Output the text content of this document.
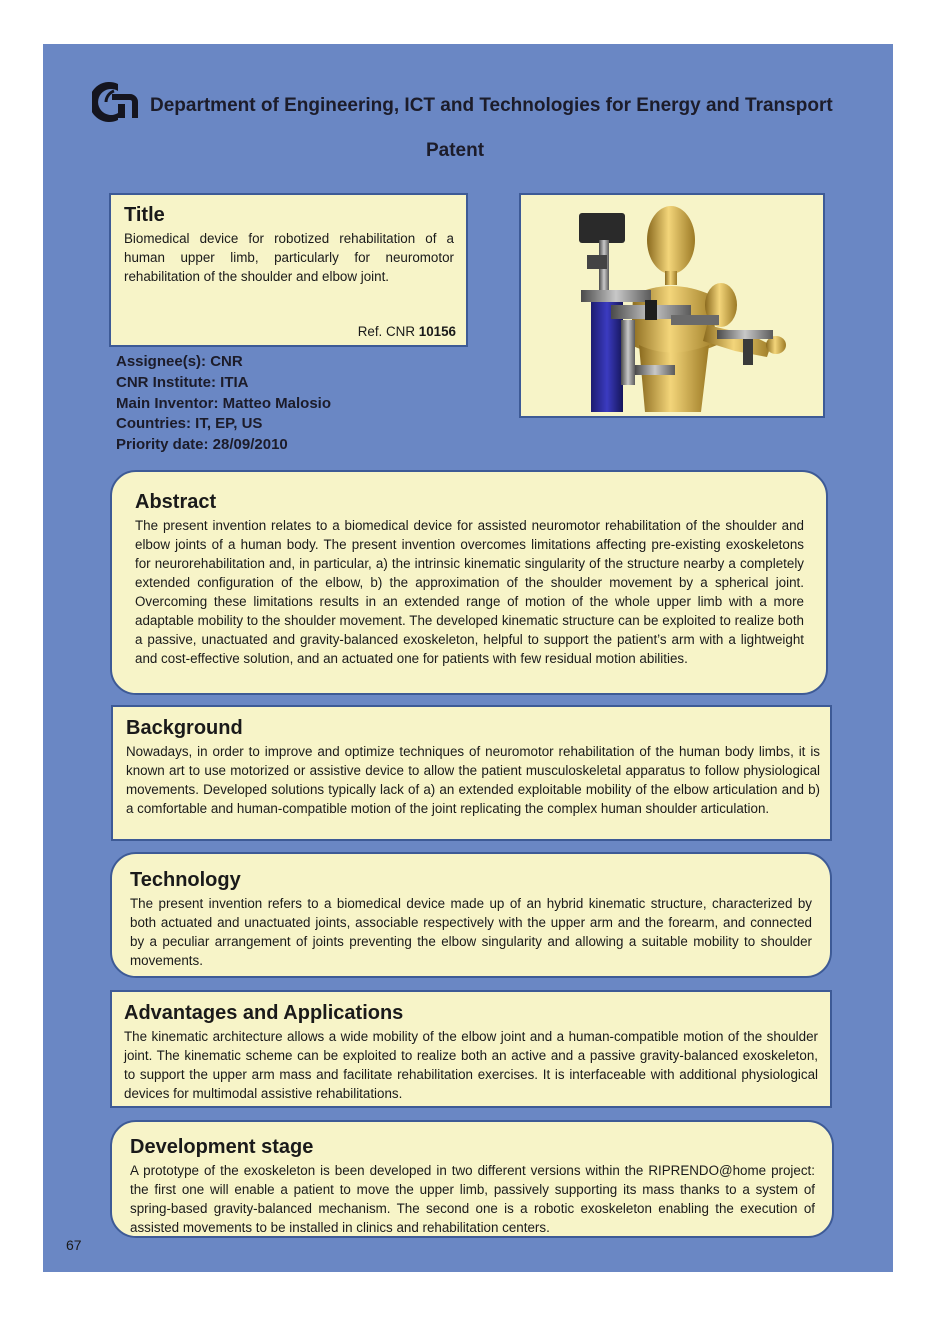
Department of Engineering, ICT and Technologies for Energy and Transport
Patent
Title

Biomedical device for robotized rehabilitation of a human upper limb, particularly for neuromotor rehabilitation of the shoulder and elbow joint.

Ref. CNR 10156
Assignee(s): CNR
CNR Institute: ITIA
Main Inventor: Matteo Malosio
Countries: IT, EP, US
Priority date: 28/09/2010
Abstract

The present invention relates to a biomedical device for assisted neuromotor rehabilitation of the shoulder and elbow joints of a human body. The present invention overcomes limitations affecting pre-existing exoskeletons for neurorehabilitation and, in particular, a) the intrinsic kinematic singularity of the structure nearby a completely extended configuration of the elbow, b) the approximation of the shoulder movement by a spherical joint. Overcoming these limitations results in an extended range of motion of the whole upper limb with a more adaptable mobility to the shoulder movement. The developed kinematic structure can be exploited to realize both a passive, unactuated and gravity-balanced exoskeleton, helpful to support the patient’s arm with a lightweight and cost-effective solution, and an actuated one for patients with few residual motion abilities.

Background

Nowadays, in order to improve and optimize techniques of neuromotor rehabilitation of the human body limbs, it is known art to use motorized or assistive device to allow the patient musculoskeletal apparatus to follow physiological movements. Developed solutions typically lack of a) an extended exploitable mobility of the elbow articulation and b) a comfortable and human-compatible motion of the joint replicating the complex human shoulder articulation.

Technology

The present invention refers to a biomedical device made up of an hybrid kinematic structure, characterized by both actuated and unactuated joints, associable respectively with the upper arm and the forearm, and connected by a peculiar arrangement of joints preventing the elbow singularity and allowing a suitable mobility to shoulder movements.

Advantages and Applications

The kinematic architecture allows a wide mobility of the elbow joint and a human-compatible motion of the shoulder joint. The kinematic scheme can be exploited to realize both an active and a passive gravity-balanced exoskeleton, to support the upper arm mass and facilitate rehabilitation exercises. It is interfaceable with additional physiological devices for multimodal assistive rehabilitations.

Development stage

A prototype of the exoskeleton is been developed in two different versions within the RIPRENDO@home project: the first one will enable a patient to move the upper limb, passively supporting its mass thanks to a system of spring-based gravity-balanced mechanism. The second one is a robotic exoskeleton enabling the execution of assisted movements to be installed in clinics and rehabilitation centers.

67
